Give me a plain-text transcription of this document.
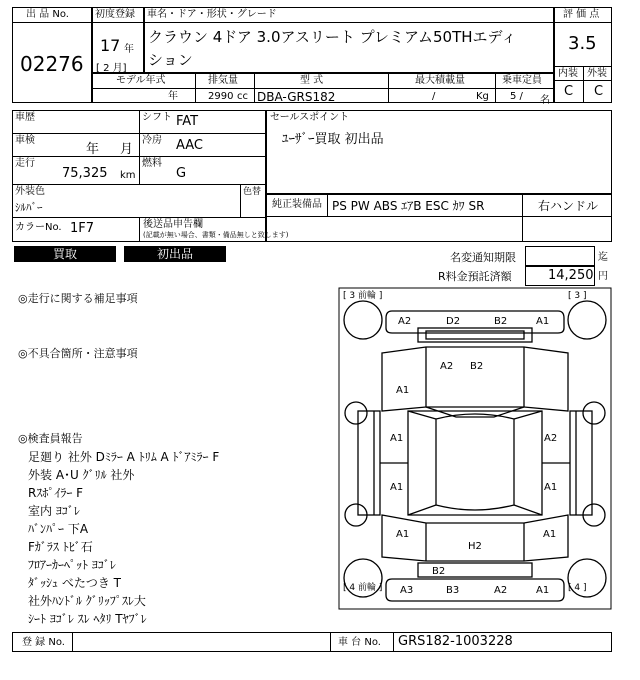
出 品 No.
02276
初度登録
17 年
[ 2 月]
車名・ドア・形状・グレード
クラウン 4ドア 3.0アスリート プレミアム50THエディ
ション
評 価 点
3.5
内装 外装
C C
モデル年式
年
排気量
2990 cc
型 式
DBA-GRS182
最大積載量
/	Kg
乗車定員
5 / 名
車歴	シフト FAT
車検
年 月
冷房 AAC
走行
75,325 km
燃料
G
外装色
ｼﾙﾊﾞｰ
色替
カラーNo. 1F7	後送品申告欄
(記載が無い場合、書類・備品無しと致します)
セールスポイント
ﾕｰｻﾞｰ買取 初出品
純正装備品 PS PW ABS ｴｱB ESC ｶﾜ SR	右ハンドル
買取	初出品	名変通知期限	迄
R料金預託済額	14,250 円
◎走行に関する補足事項
◎不具合箇所・注意事項
◎検査員報告
足廻り 社外 Dﾐﾗｰ A ﾄﾘﾑ A ﾄﾞｱﾐﾗｰ F
外装 A･U ｸﾞﾘﾙ 社外
Rｽﾎﾟｲﾗｰ F
室内 ﾖｺﾞﾚ
ﾊﾞﾝﾊﾟｰ 下A
Fｶﾞﾗｽ ﾄﾋﾞ石
ﾌﾛｱｰｶｰﾍﾟｯﾄ ﾖｺﾞﾚ
ﾀﾞｯｼｭ べたつき T
社外ﾊﾝﾄﾞﾙ ｸﾞﾘｯﾌﾟｽﾚ大
ｼｰﾄ ﾖｺﾞﾚ ｽﾚ ﾍﾀﾘ Tﾔﾌﾞﾚ
[ 3 前輪 ]	[ 3 ]
[ 4 前輪 ]	[ 4 ]
A2	D2	B2	A1
A2 B2
A1
A1	A2
A1	A1
A1	A1
H2
B2
A3	B3	A2	A1
登 録 No.	車 台 No. GRS182-1003228
